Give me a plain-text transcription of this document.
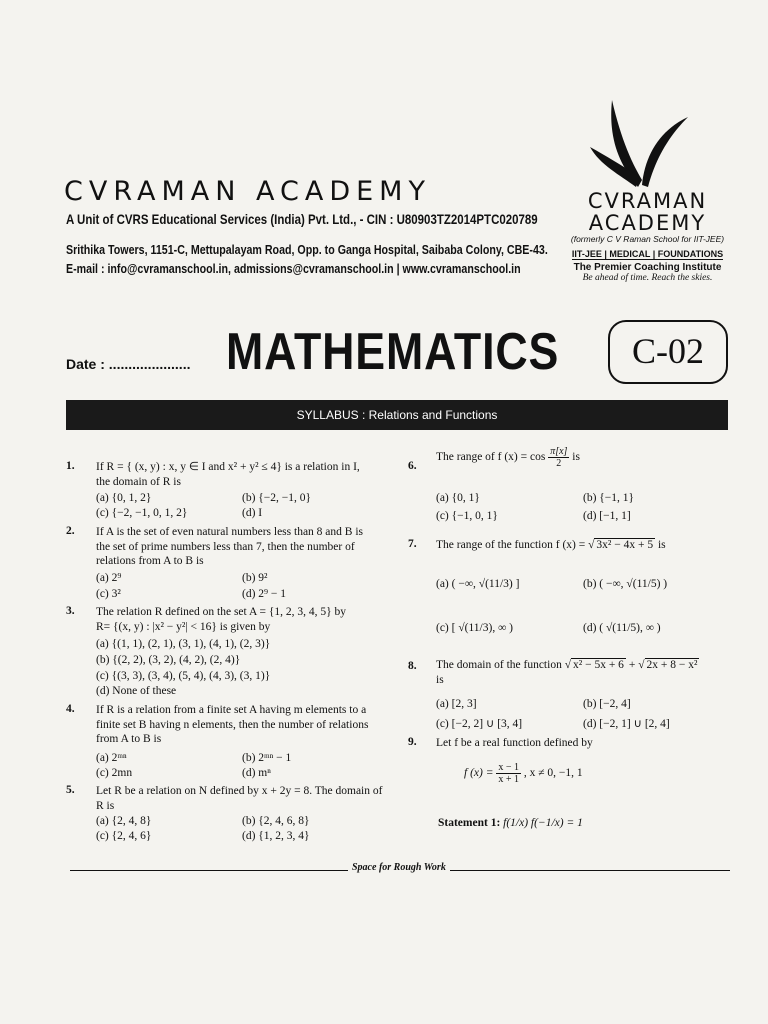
CVRAMAN ACADEMY
A Unit of CVRS Educational Services (India) Pvt. Ltd., - CIN : U80903TZ2014PTC020789
Srithika Towers, 1151-C, Mettupalayam Road, Opp. to Ganga Hospital, Saibaba Colony, CBE-43.
E-mail : info@cvramanschool.in, admissions@cvramanschool.in | www.cvramanschool.in
CVRAMAN
ACADEMY
(formerly C V Raman School for IIT-JEE)
IIT-JEE | MEDICAL | FOUNDATIONS
The Premier Coaching Institute
Be ahead of time. Reach the skies.
Date : ..................... MATHEMATICS	C-02
SYLLABUS : Relations and Functions
1. If R = { (x, y) : x, y ∈ I and x² + y² ≤ 4} is a relation in I,
the domain of R is
(a) {0, 1, 2}	(b) {−2, −1, 0}
(c) {−2, −1, 0, 1, 2}	(d) I
2. If A is the set of even natural numbers less than 8 and B is
the set of prime numbers less than 7, then the number of
relations from A to B is
(a) 2⁹	(b) 9²
(c) 3²	(d) 2⁹ − 1
3. The relation R defined on the set A = {1, 2, 3, 4, 5} by
R= {(x, y) : |x² − y²| < 16} is given by
(a) {(1, 1), (2, 1), (3, 1), (4, 1), (2, 3)}
(b) {(2, 2), (3, 2), (4, 2), (2, 4)}
(c) {(3, 3), (3, 4), (5, 4), (4, 3), (3, 1)}
(d) None of these
4. If R is a relation from a finite set A having m elements to a
finite set B having n elements, then the number of relations
from A to B is
(a) 2ᵐⁿ	(b) 2ᵐⁿ − 1
(c) 2mn	(d) mⁿ
5. Let R be a relation on N defined by x + 2y = 8. The domain of
R is
(a) {2, 4, 8}	(b) {2, 4, 6, 8}
(c) {2, 4, 6}	(d) {1, 2, 3, 4}
6.
The range of f $(x) = \cos \frac{\pi[x]}{2}$ is
(a) {0, 1}	(b) {−1, 1}
(c) {−1, 0, 1}	(d) [−1, 1]
7. The range of the function f (x) = √ 3x² − 4x + 5 is
(a) ( −∞, √(11/3) ]	(b) ( −∞, √(11/5) )
(c) [ √(11/3), ∞ )	(d) ( √(11/5), ∞ )
8. The domain of the function √ x² − 5x + 6 + √ 2x + 8 − x²
is
(a) [2, 3]	(b) [−2, 4]
(c) [−2, 2] ∪ [3, 4]	(d) [−2, 1] ∪ [2, 4]
9. Let f be a real function defined by
f $(x) = \frac{x - 1}{x + 1}$ , x ≠ 0, −1, 1
Statement 1: f(1/x) f(−1/x) = 1
Space for Rough Work
